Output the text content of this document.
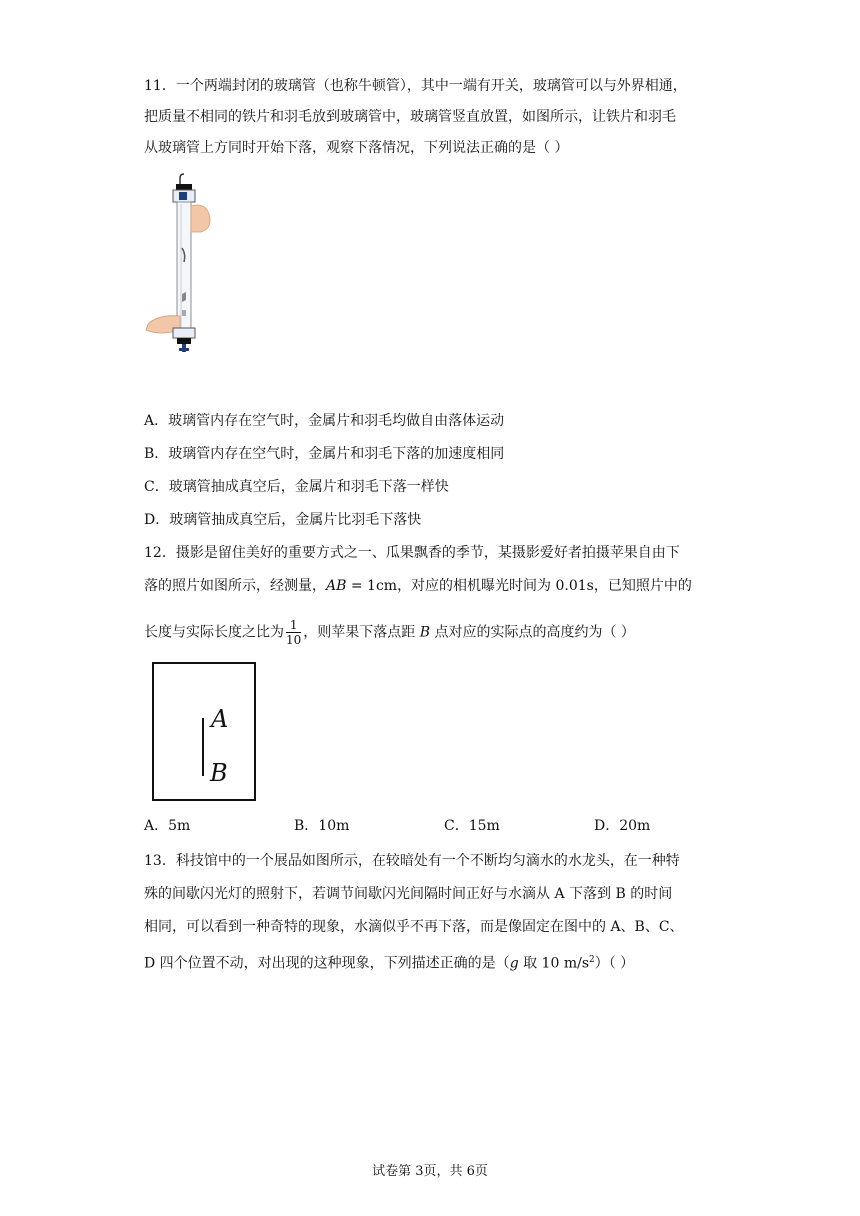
11．一个两端封闭的玻璃管（也称牛顿管），其中一端有开关，玻璃管可以与外界相通，
把质量不相同的铁片和羽毛放到玻璃管中，玻璃管竖直放置，如图所示，让铁片和羽毛
从玻璃管上方同时开始下落，观察下落情况，下列说法正确的是（ ）
A．玻璃管内存在空气时，金属片和羽毛均做自由落体运动
B．玻璃管内存在空气时，金属片和羽毛下落的加速度相同
C．玻璃管抽成真空后，金属片和羽毛下落一样快
D．玻璃管抽成真空后，金属片比羽毛下落快
12．摄影是留住美好的重要方式之一、瓜果飘香的季节，某摄影爱好者拍摄苹果自由下
落的照片如图所示，经测量，AB = 1cm，对应的相机曝光时间为 0.01s，已知照片中的
长度与实际长度之比为 $\frac{1}{10}$ ，则苹果下落点距 B 点对应的实际点的高度约为（ ）
A
B
A．5m	B．10m	C．15m	D．20m
13．科技馆中的一个展品如图所示，在较暗处有一个不断均匀滴水的水龙头，在一种特
殊的间歇闪光灯的照射下，若调节间歇闪光间隔时间正好与水滴从 A 下落到 B 的时间
相同，可以看到一种奇特的现象，水滴似乎不再下落，而是像固定在图中的 A、B、C、
D 四个位置不动，对出现的这种现象，下列描述正确的是（g 取 10 $m/s^2$）（ ）
试卷第 3页，共 6页
